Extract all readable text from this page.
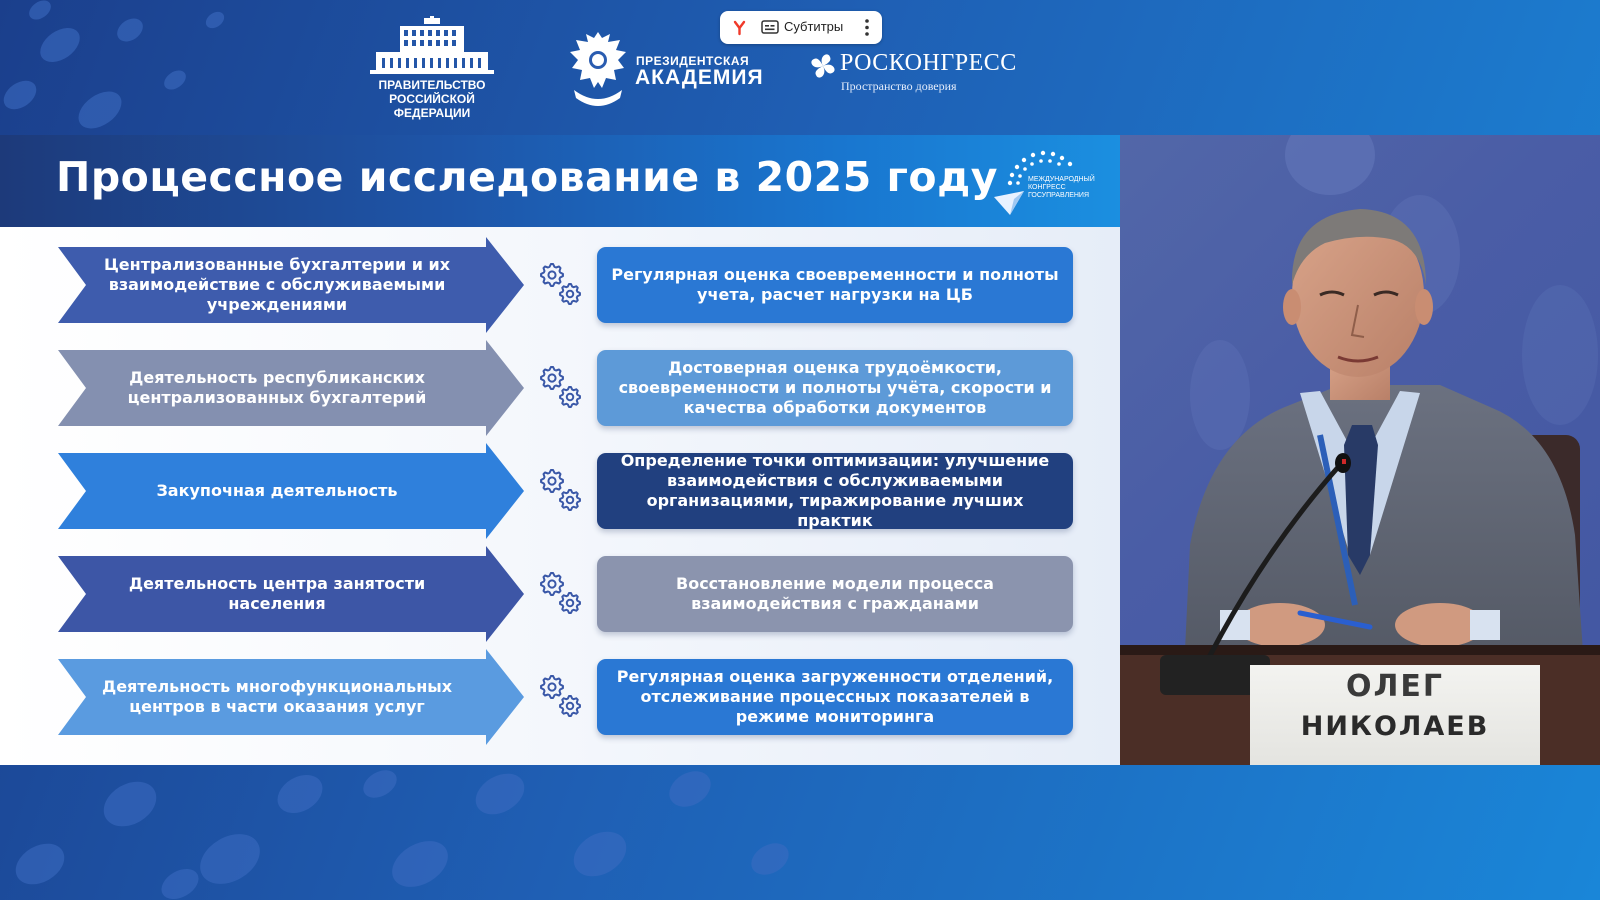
ПРАВИТЕЛЬСТВО
РОССИЙСКОЙ
ФЕДЕРАЦИИ
ПРЕЗИДЕНТСКАЯ
АКАДЕМИЯ
РОСКОНГРЕСС
Пространство доверия
Субтитры
Процессное исследование в 2025 году	МЕЖДУНАРОДНЫЙ
КОНГРЕСС
ГОСУПРАВЛЕНИЯ
Централизованные бухгалтерии и их взаимодействие с обслуживаемыми учреждениями
Регулярная оценка своевременности и полноты учета, расчет нагрузки на ЦБ
Деятельность республиканских централизованных бухгалтерий
Достоверная оценка трудоёмкости, своевременности и полноты учёта, скорости и качества обработки документов
Закупочная деятельность
Определение точки оптимизации: улучшение взаимодействия с обслуживаемыми организациями, тиражирование лучших практик
Деятельность центра занятости населения
Восстановление модели процесса взаимодействия с гражданами
Деятельность многофункциональных центров в части оказания услуг
Регулярная оценка загруженности отделений, отслеживание процессных показателей в режиме мониторинга
ОЛЕГ
НИКОЛАЕВ
